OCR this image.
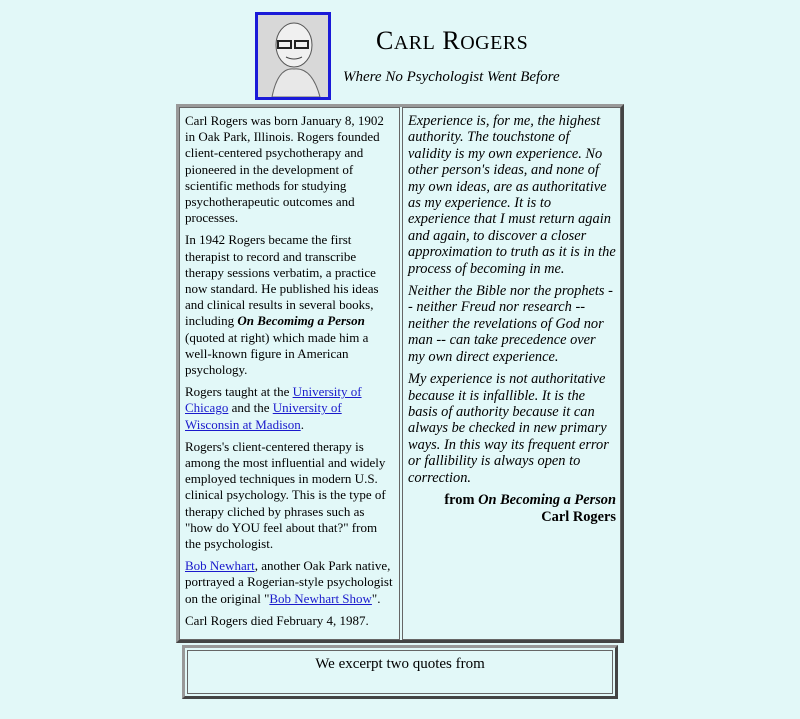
CARL ROGERS
Where No Psychologist Went Before

Carl Rogers was born January 8, 1902 in Oak Park, Illinois. Rogers founded client-centered psychotherapy and pioneered in the development of scientific methods for studying psychotherapeutic outcomes and processes.

In 1942 Rogers became the first therapist to record and transcribe therapy sessions verbatim, a practice now standard. He published his ideas and clinical results in several books, including On Becomimg a Person (quoted at right) which made him a well-known figure in American psychology.

Rogers taught at the University of Chicago and the University of Wisconsin at Madison.

Rogers's client-centered therapy is among the most influential and widely employed techniques in modern U.S. clinical psychology. This is the type of therapy cliched by phrases such as "how do YOU feel about that?" from the psychologist.

Bob Newhart, another Oak Park native, portrayed a Rogerian-style psychologist on the original "Bob Newhart Show".

Carl Rogers died February 4, 1987.

Experience is, for me, the highest authority. The touchstone of validity is my own experience. No other person's ideas, and none of my own ideas, are as authoritative as my experience. It is to experience that I must return again and again, to discover a closer approximation to truth as it is in the process of becoming in me.

Neither the Bible nor the prophets -- neither Freud nor research --neither the revelations of God nor man -- can take precedence over my own direct experience.

My experience is not authoritative because it is infallible. It is the basis of authority because it can always be checked in new primary ways. In this way its frequent error or fallibility is always open to correction.

from On Becoming a Person
Carl Rogers
We excerpt two quotes from
